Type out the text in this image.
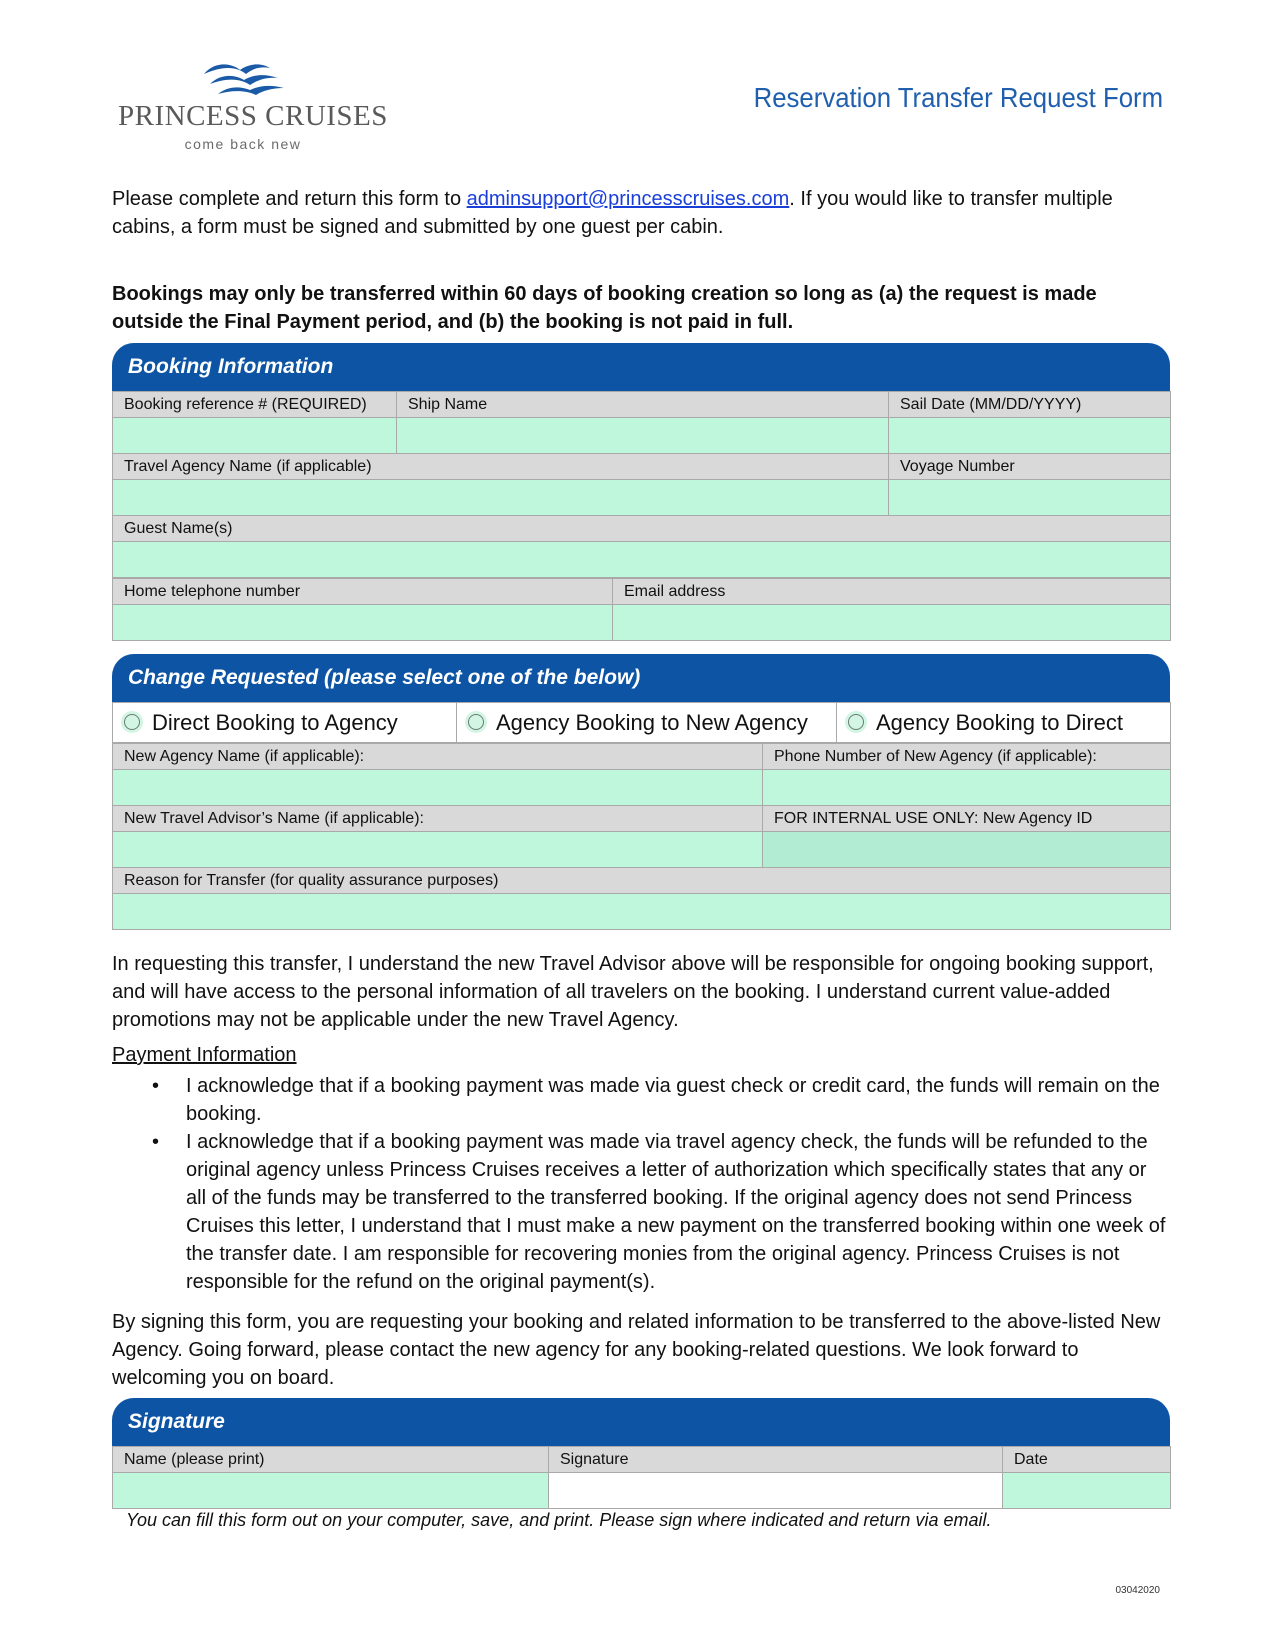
PRINCESS CRUISES
come back new
Reservation Transfer Request Form
Please complete and return this form to adminsupport@princesscruises.com. If you would like to transfer multiple cabins, a form must be signed and submitted by one guest per cabin.
Bookings may only be transferred within 60 days of booking creation so long as (a) the request is made outside the Final Payment period, and (b) the booking is not paid in full.
Booking Information
Booking reference # (REQUIRED)	Ship Name	Sail Date (MM/DD/YYYY)

Travel Agency Name (if applicable)		Voyage Number

Guest Name(s)		

Home telephone number	Email address

Change Requested (please select one of the below)
Direct Booking to Agency	Agency Booking to New Agency	Agency Booking to Direct
New Agency Name (if applicable):	Phone Number of New Agency (if applicable):

New Travel Advisor’s Name (if applicable):	FOR INTERNAL USE ONLY: New Agency ID

Reason for Transfer (for quality assurance purposes)	

In requesting this transfer, I understand the new Travel Advisor above will be responsible for ongoing booking support, and will have access to the personal information of all travelers on the booking. I understand current value-added promotions may not be applicable under the new Travel Agency.
Payment Information
• I acknowledge that if a booking payment was made via guest check or credit card, the funds will remain on the booking.
• I acknowledge that if a booking payment was made via travel agency check, the funds will be refunded to the original agency unless Princess Cruises receives a letter of authorization which specifically states that any or all of the funds may be transferred to the transferred booking. If the original agency does not send Princess Cruises this letter, I understand that I must make a new payment on the transferred booking within one week of the transfer date. I am responsible for recovering monies from the original agency. Princess Cruises is not responsible for the refund on the original payment(s).
By signing this form, you are requesting your booking and related information to be transferred to the above-listed New Agency. Going forward, please contact the new agency for any booking-related questions. We look forward to welcoming you on board.
Signature
Name (please print)	Signature	Date

You can fill this form out on your computer, save, and print. Please sign where indicated and return via email.
03042020
